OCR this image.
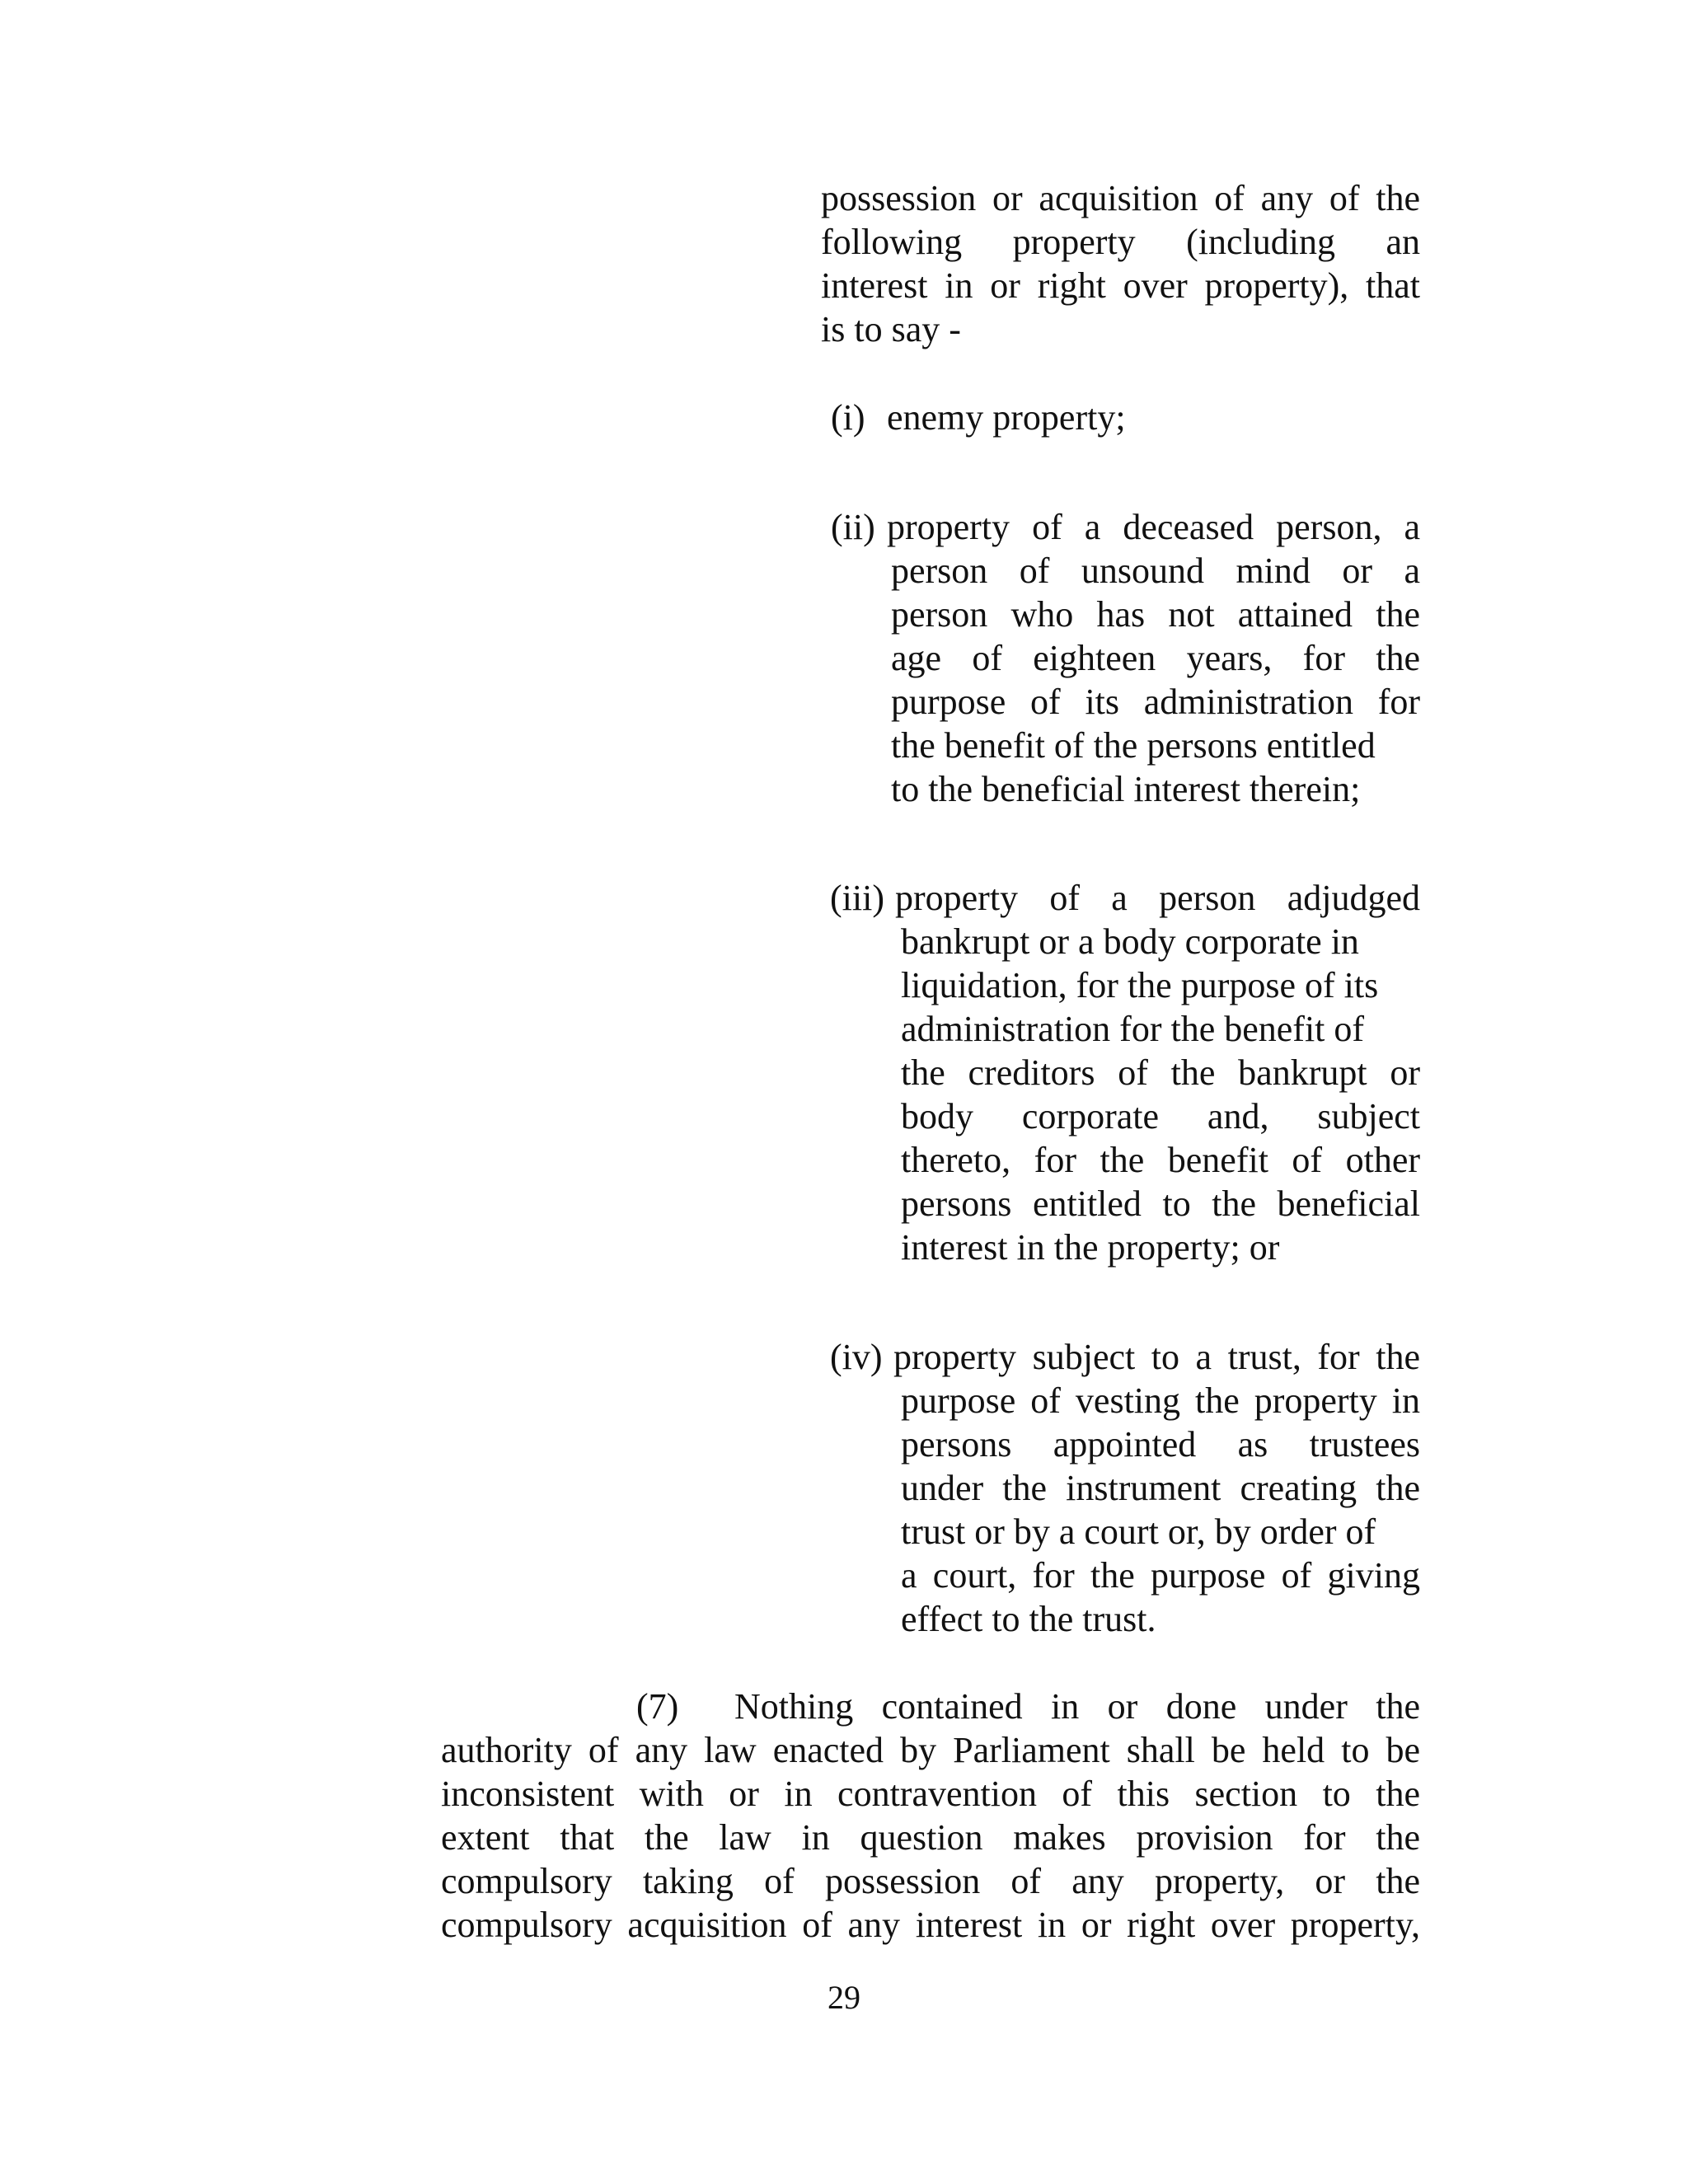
possession or acquisition of any of the
following property (including an
interest in or right over property), that
is to say -
(i) enemy property;
(ii) property of a deceased person, a
person of unsound mind or a
person who has not attained the
age of eighteen years, for the
purpose of its administration for
the benefit of the persons entitled
to the beneficial interest therein;
(iii) property of a person adjudged
bankrupt or a body corporate in
liquidation, for the purpose of its
administration for the benefit of
the creditors of the bankrupt or
body corporate and, subject
thereto, for the benefit of other
persons entitled to the beneficial
interest in the property; or
(iv) property subject to a trust, for the
purpose of vesting the property in
persons appointed as trustees
under the instrument creating the
trust or by a court or, by order of
a court, for the purpose of giving
effect to the trust.
(7) Nothing contained in or done under the
authority of any law enacted by Parliament shall be held to be
inconsistent with or in contravention of this section to the
extent that the law in question makes provision for the
compulsory taking of possession of any property, or the
compulsory acquisition of any interest in or right over property,
29
